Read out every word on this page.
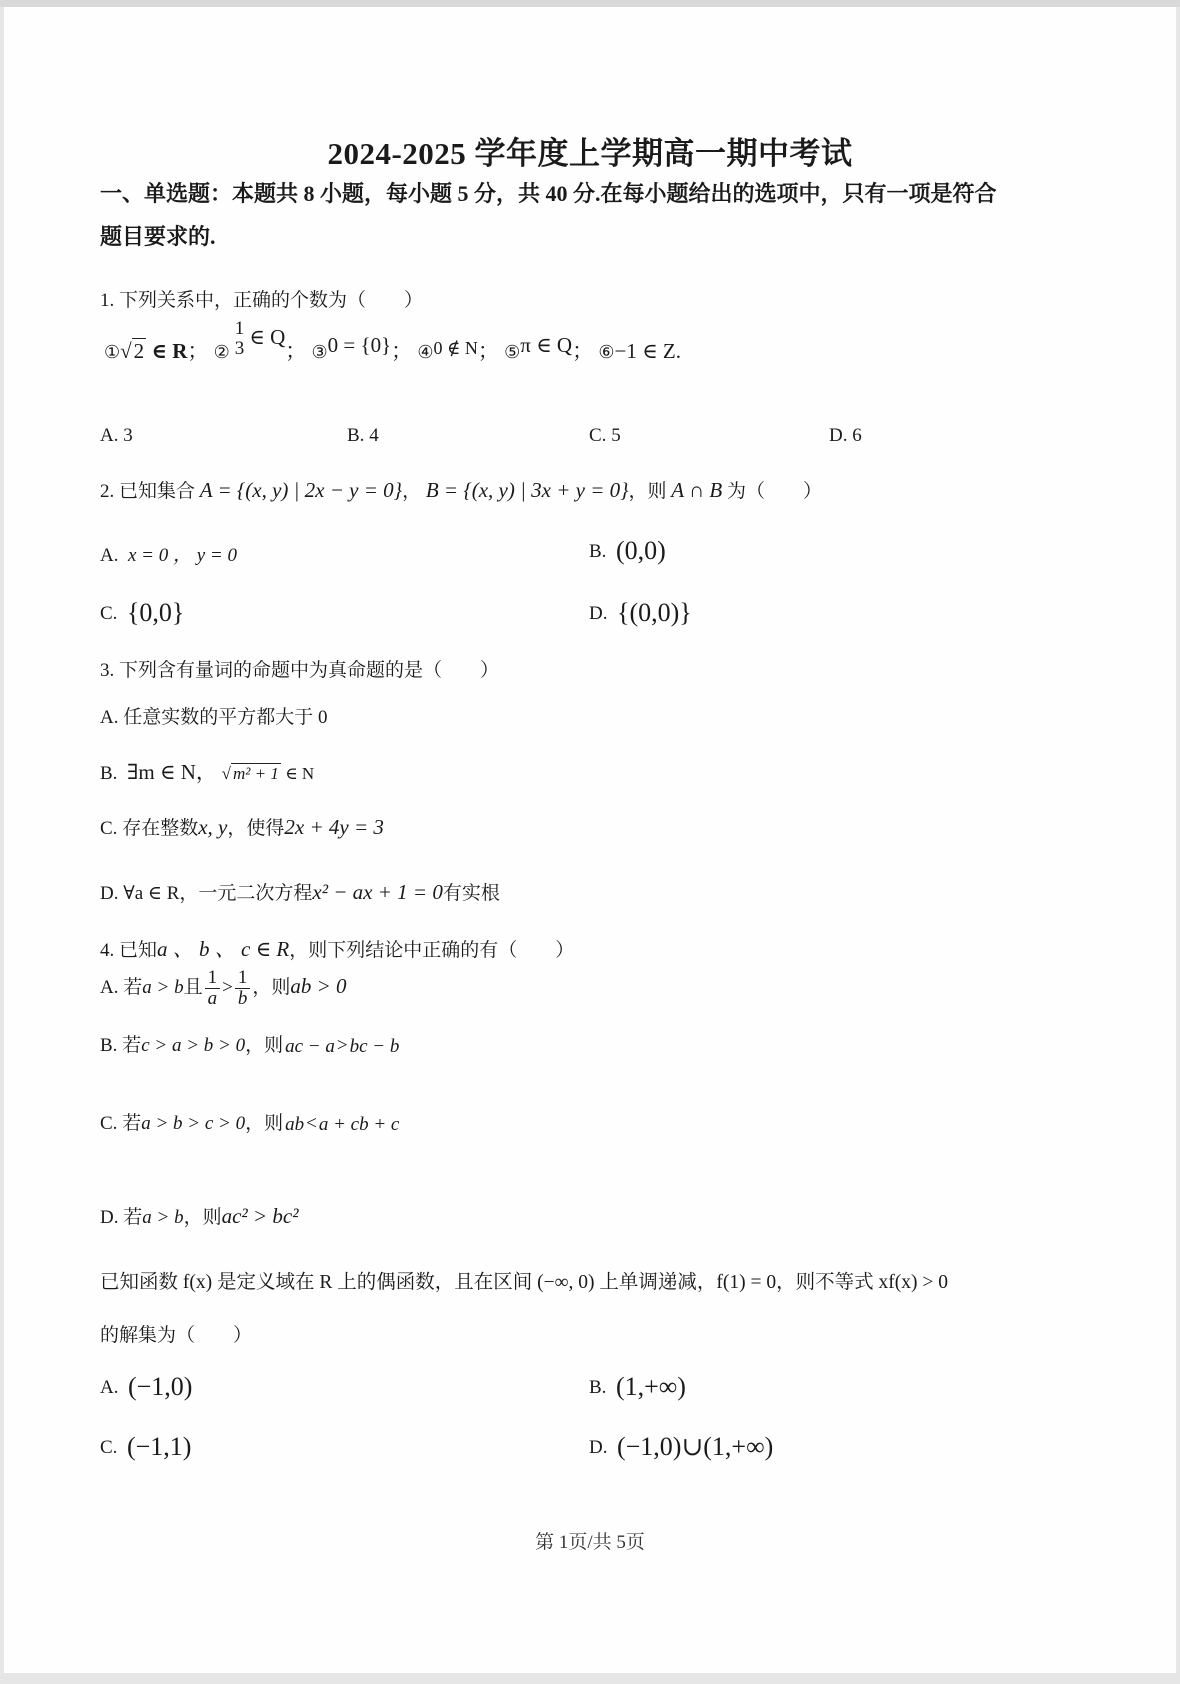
2024-2025 学年度上学期高一期中考试
一、单选题：本题共 8 小题，每小题 5 分，共 40 分.在每小题给出的选项中，只有一项是符合
题目要求的.
1. 下列关系中，正确的个数为（　　）
①√2 ∈ R； ②
1
3 ∈ Q； ③0 = {0}； ④0 ∉ N； ⑤π ∈ Q； ⑥−1 ∈ Z.
A. 3	B. 4	C. 5	D. 6
2. 已知集合 A = {(x, y) | 2x − y = 0}， B = {(x, y) | 3x + y = 0}，则 A ∩ B 为（　　）
A. x = 0 ， y = 0	B. (0,0)
C. {0,0}	D. {(0,0)}
3. 下列含有量词的命题中为真命题的是（　　）
A. 任意实数的平方都大于 0
B. ∃m ∈ N， √ m² + 1 ∈ N
C. 存在整数x, y，使得2x + 4y = 3
D. ∀a ∈ R，一元二次方程x² − ax + 1 = 0有实根
4. 已知a 、 b 、 c ∈ R，则下列结论中正确的有（　　）
A. 若a > b且 $\frac{1}{a} > \frac{1}{b}$ ，则ab > 0
B. 若c > a > b > 0，则 ac − a > bc − b
C. 若a > b > c > 0，则 ab < a + cb + c
D. 若a > b，则ac² > bc²
已知函数 f(x) 是定义域在 R 上的偶函数，且在区间 (−∞, 0) 上单调递减，f(1) = 0，则不等式 xf(x) > 0
的解集为（　　）
A. (−1,0)	B. (1,+∞)
C. (−1,1)	D. (−1,0)∪(1,+∞)
第 1页/共 5页
